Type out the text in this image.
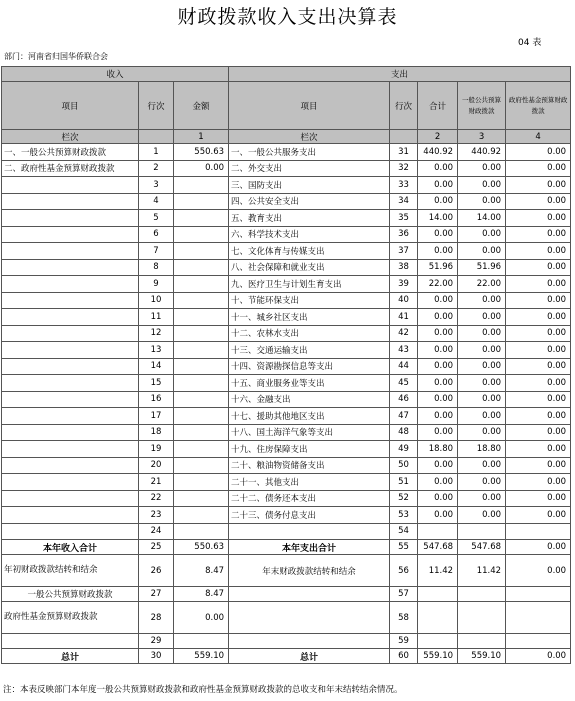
财政拨款收入支出决算表
04 表
部门：河南省归国华侨联合会
收入			支出				
项目	行次	金额	项目	行次	合计	一般公共预算财政拨款	政府性基金预算财政拨款
栏次		1	栏次		2	3	4
一、一般公共预算财政拨款	1	550.63	一、一般公共服务支出	31	440.92	440.92	0.00
二、政府性基金预算财政拨款	2	0.00	二、外交支出	32	0.00	0.00	0.00
	3		三、国防支出	33	0.00	0.00	0.00
	4		四、公共安全支出	34	0.00	0.00	0.00
	5		五、教育支出	35	14.00	14.00	0.00
	6		六、科学技术支出	36	0.00	0.00	0.00
	7		七、文化体育与传媒支出	37	0.00	0.00	0.00
	8		八、社会保障和就业支出	38	51.96	51.96	0.00
	9		九、医疗卫生与计划生育支出	39	22.00	22.00	0.00
	10		十、节能环保支出	40	0.00	0.00	0.00
	11		十一、城乡社区支出	41	0.00	0.00	0.00
	12		十二、农林水支出	42	0.00	0.00	0.00
	13		十三、交通运输支出	43	0.00	0.00	0.00
	14		十四、资源勘探信息等支出	44	0.00	0.00	0.00
	15		十五、商业服务业等支出	45	0.00	0.00	0.00
	16		十六、金融支出	46	0.00	0.00	0.00
	17		十七、援助其他地区支出	47	0.00	0.00	0.00
	18		十八、国土海洋气象等支出	48	0.00	0.00	0.00
	19		十九、住房保障支出	49	18.80	18.80	0.00
	20		二十、粮油物资储备支出	50	0.00	0.00	0.00
	21		二十一、其他支出	51	0.00	0.00	0.00
	22		二十二、债务还本支出	52	0.00	0.00	0.00
	23		二十三、债务付息支出	53	0.00	0.00	0.00
	24			54			
本年收入合计	25	550.63	本年支出合计	55	547.68	547.68	0.00
年初财政拨款结转和结余	26	8.47	年末财政拨款结转和结余	56	11.42	11.42	0.00
一般公共预算财政拨款	27	8.47		57			
政府性基金预算财政拨款	28	0.00		58			
	29			59			
总计	30	559.10	总计	60	559.10	559.10	0.00
注：本表反映部门本年度一般公共预算财政拨款和政府性基金预算财政拨款的总收支和年末结转结余情况。
